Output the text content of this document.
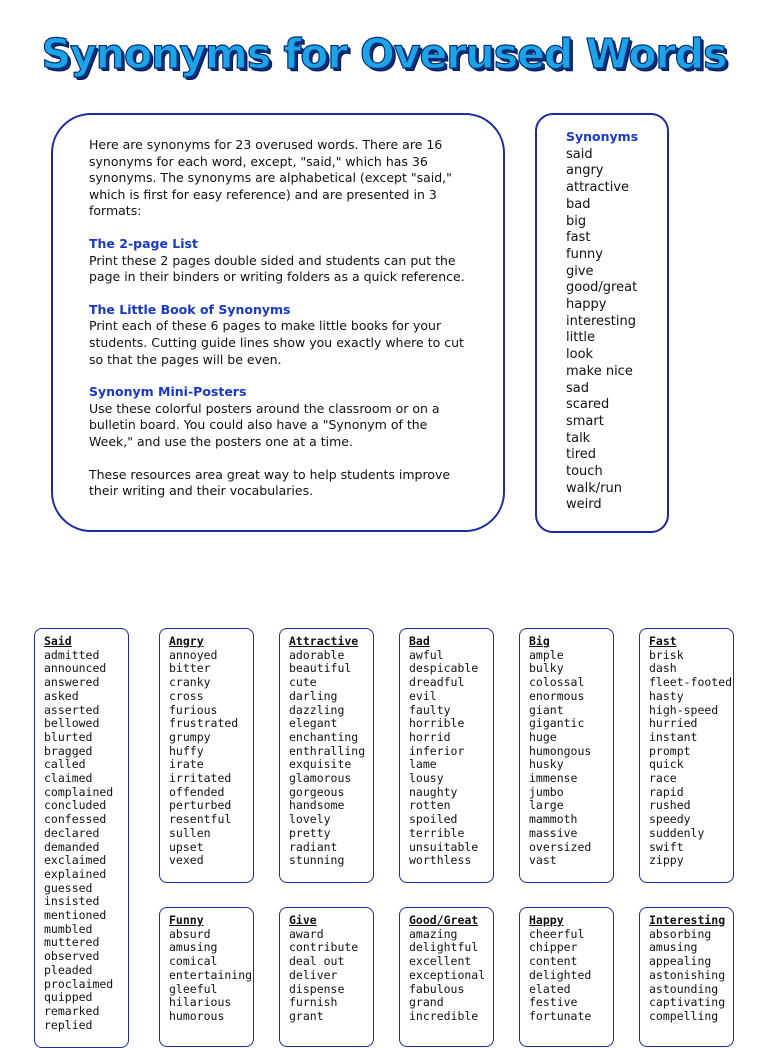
Synonyms for Overused Words

Here are synonyms for 23 overused words. There are 16 synonyms for each word, except, "said," which has 36 synonyms. The synonyms are alphabetical (except "said," which is first for easy reference) and are presented in 3 formats:

The 2-page List
Print these 2 pages double sided and students can put the page in their binders or writing folders as a quick reference.

The Little Book of Synonyms
Print each of these 6 pages to make little books for your students. Cutting guide lines show you exactly where to cut so that the pages will be even.

Synonym Mini-Posters
Use these colorful posters around the classroom or on a bulletin board. You could also have a "Synonym of the Week," and use the posters one at a time.

These resources area great way to help students improve their writing and their vocabularies.

Synonyms
said
angry
attractive
bad
big
fast
funny
give
good/great
happy
interesting
little
look
make nice
sad
scared
smart
talk
tired
touch
walk/run
weird
Said
admitted
announced
answered
asked
asserted
bellowed
blurted
bragged
called
claimed
complained
concluded
confessed
declared
demanded
exclaimed
explained
guessed
insisted
mentioned
mumbled
muttered
observed
pleaded
proclaimed
quipped
remarked
replied
Angry
annoyed
bitter
cranky
cross
furious
frustrated
grumpy
huffy
irate
irritated
offended
perturbed
resentful
sullen
upset
vexed
Attractive
adorable
beautiful
cute
darling
dazzling
elegant
enchanting
enthralling
exquisite
glamorous
gorgeous
handsome
lovely
pretty
radiant
stunning
Bad
awful
despicable
dreadful
evil
faulty
horrible
horrid
inferior
lame
lousy
naughty
rotten
spoiled
terrible
unsuitable
worthless
Big
ample
bulky
colossal
enormous
giant
gigantic
huge
humongous
husky
immense
jumbo
large
mammoth
massive
oversized
vast
Fast
brisk
dash
fleet-footed
hasty
high-speed
hurried
instant
prompt
quick
race
rapid
rushed
speedy
suddenly
swift
zippy
Funny
absurd
amusing
comical
entertaining
gleeful
hilarious
humorous
Give
award
contribute
deal out
deliver
dispense
furnish
grant
Good/Great
amazing
delightful
excellent
exceptional
fabulous
grand
incredible
Happy
cheerful
chipper
content
delighted
elated
festive
fortunate
Interesting
absorbing
amusing
appealing
astonishing
astounding
captivating
compelling
